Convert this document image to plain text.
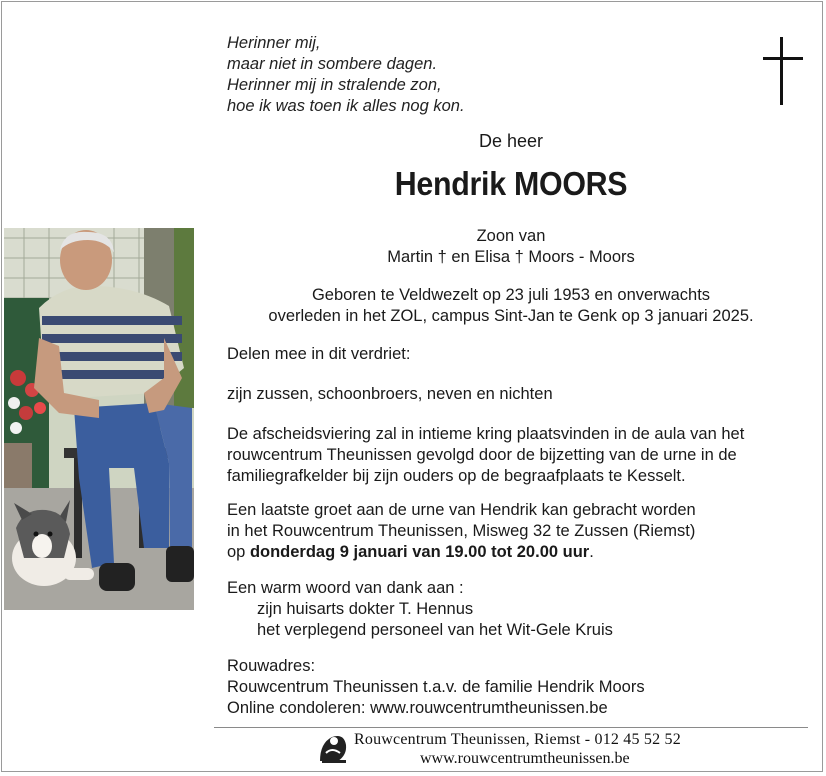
Herinner mij,
maar niet in sombere dagen.
Herinner mij in stralende zon,
hoe ik was toen ik alles nog kon.
De heer
Hendrik MOORS
Zoon van
Martin † en Elisa † Moors - Moors
Geboren te Veldwezelt op 23 juli 1953 en onverwachts
overleden in het ZOL, campus Sint-Jan te Genk op 3 januari 2025.
Delen mee in dit verdriet:
zijn zussen, schoonbroers, neven en nichten
De afscheidsviering zal in intieme kring plaatsvinden in de aula van het
rouwcentrum Theunissen gevolgd door de bijzetting van de urne in de
familiegrafkelder bij zijn ouders op de begraafplaats te Kesselt.
Een laatste groet aan de urne van Hendrik kan gebracht worden
in het Rouwcentrum Theunissen, Misweg 32 te Zussen (Riemst)
op donderdag 9 januari van 19.00 tot 20.00 uur.
Een warm woord van dank aan :
zijn huisarts dokter T. Hennus
het verplegend personeel van het Wit-Gele Kruis
Rouwadres:
Rouwcentrum Theunissen t.a.v. de familie Hendrik Moors
Online condoleren: www.rouwcentrumtheunissen.be
Rouwcentrum Theunissen, Riemst - 012 45 52 52
www.rouwcentrumtheunissen.be
